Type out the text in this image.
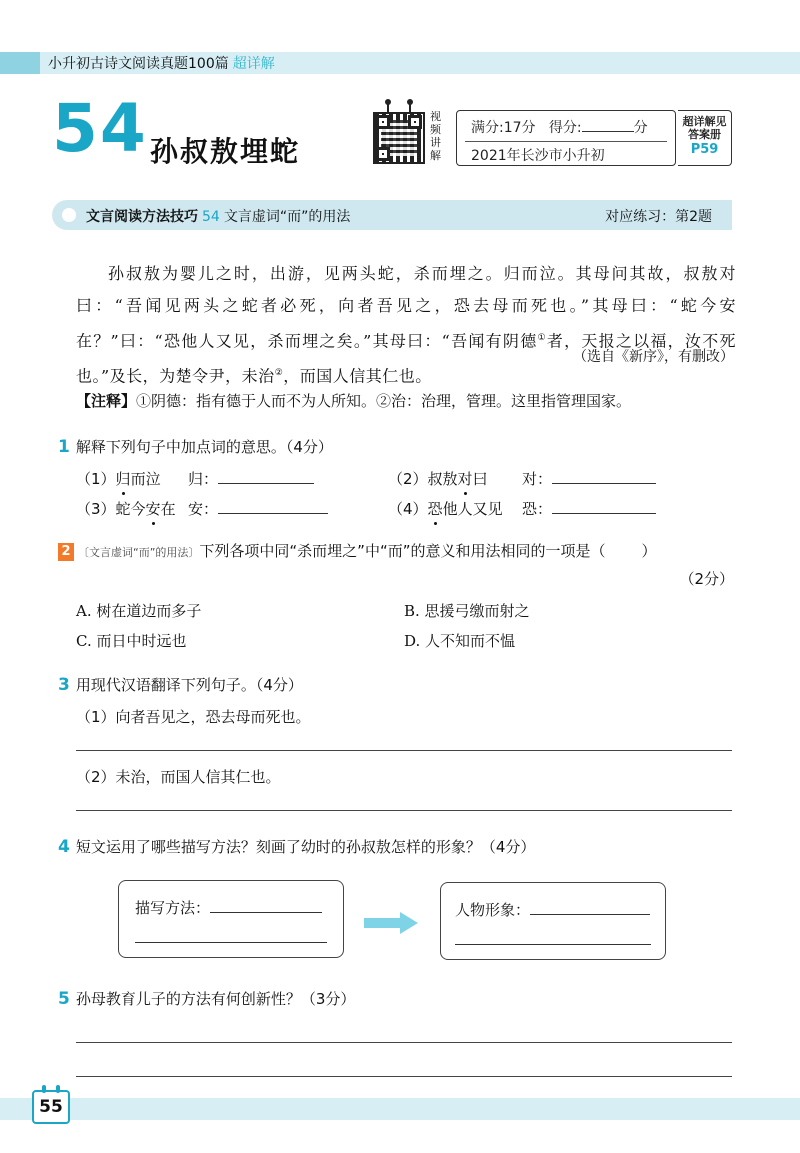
小升初古诗文阅读真题100篇 超详解
54 孙叔敖埋蛇
视频讲解
满分:17分 得分:	分
2021年长沙市小升初
超详解见
答案册
P59
文言阅读方法技巧 54 文言虚词“而”的用法	对应练习：第2题
孙叔敖为婴儿之时，出游，见两头蛇，杀而埋之。归而泣。其母问其故，叔敖对曰：“吾闻见两头之蛇者必死，向者吾见之，恐去母而死也。”其母曰：“蛇今安在？”曰：“恐他人又见，杀而埋之矣。”其母曰：“吾闻有阴德①者，天报之以福，汝不死也。”及长，为楚令尹，未治②，而国人信其仁也。
（选自《新序》，有删改）
【注释】①阴德：指有德于人而不为人所知。②治：治理，管理。这里指管理国家。
1 解释下列句子中加点词的意思。（4分）
（1）归而泣 归：	（2）叔敖对曰 对：
（3）蛇今安在 安：	（4）恐他人又见 恐：
2 〔文言虚词“而”的用法〕下列各项中同“杀而埋之”中“而”的意义和用法相同的一项是（ ）
（2分）
A. 树在道边而多子	B. 思援弓缴而射之
C. 而日中时远也	D. 人不知而不愠
3 用现代汉语翻译下列句子。（4分）
（1）向者吾见之，恐去母而死也。
（2）未治，而国人信其仁也。
4 短文运用了哪些描写方法？刻画了幼时的孙叔敖怎样的形象？（4分）
描写方法：	人物形象：
5 孙母教育儿子的方法有何创新性？（3分）
55
